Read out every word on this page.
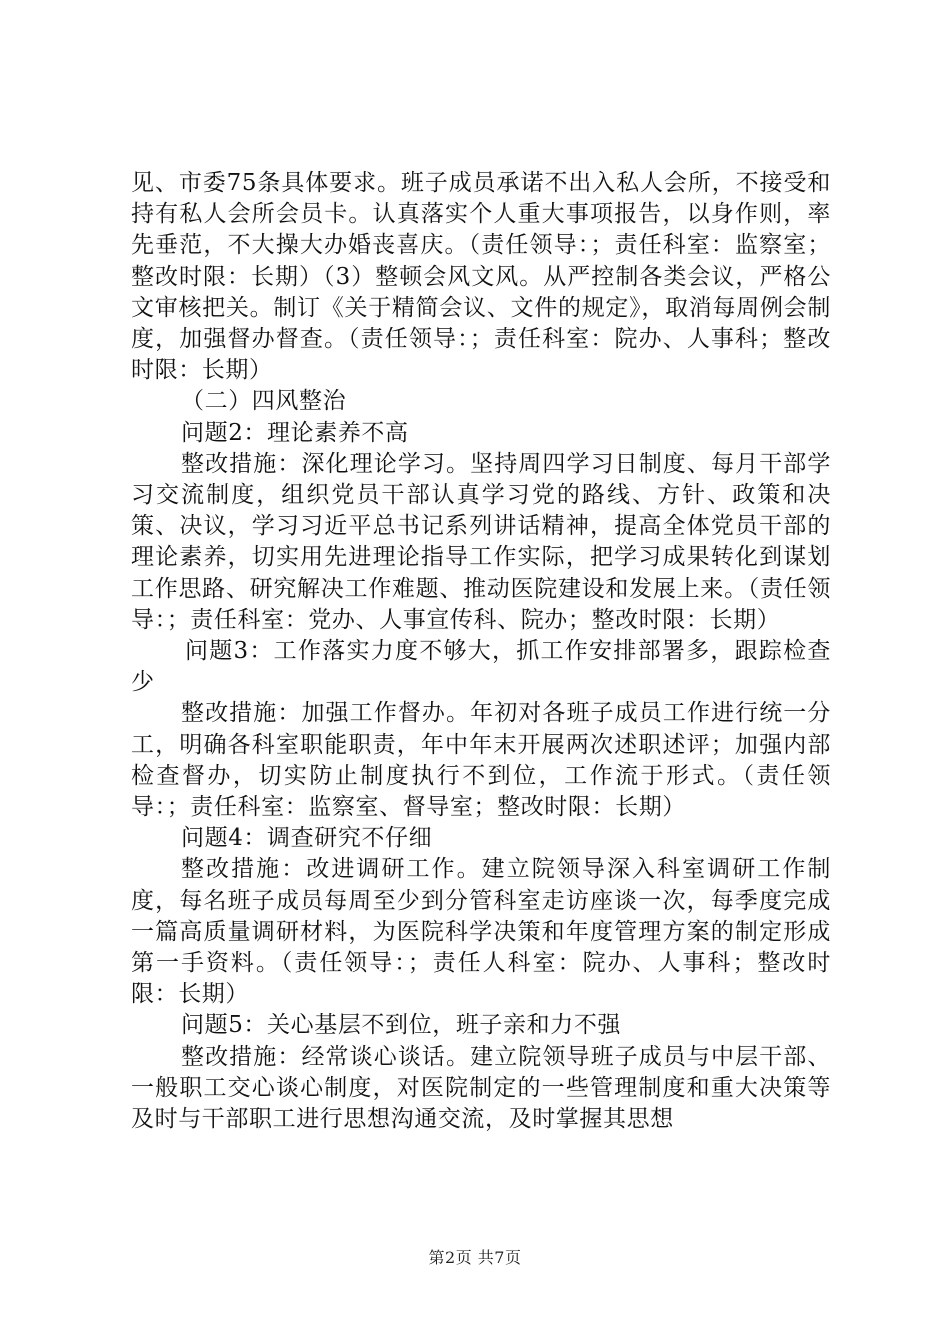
见、市委75条具体要求。班子成员承诺不出入私人会所，不接受和持有私人会所会员卡。认真落实个人重大事项报告，以身作则，率先垂范，不大操大办婚丧喜庆。（责任领导：；责任科室：监察室；整改时限：长期）（3）整顿会风文风。从严控制各类会议，严格公文审核把关。制订《关于精简会议、文件的规定》，取消每周例会制度，加强督办督查。（责任领导：；责任科室：院办、人事科；整改时限：长期）

（二）四风整治

问题2：理论素养不高

整改措施：深化理论学习。坚持周四学习日制度、每月干部学习交流制度，组织党员干部认真学习党的路线、方针、政策和决策、决议，学习习近平总书记系列讲话精神，提高全体党员干部的理论素养，切实用先进理论指导工作实际，把学习成果转化到谋划工作思路、研究解决工作难题、推动医院建设和发展上来。（责任领导：；责任科室：党办、人事宣传科、院办；整改时限：长期）

问题3：工作落实力度不够大，抓工作安排部署多，跟踪检查少

整改措施：加强工作督办。年初对各班子成员工作进行统一分工，明确各科室职能职责，年中年末开展两次述职述评；加强内部检查督办，切实防止制度执行不到位，工作流于形式。（责任领导：；责任科室：监察室、督导室；整改时限：长期）

问题4：调查研究不仔细

整改措施：改进调研工作。建立院领导深入科室调研工作制度，每名班子成员每周至少到分管科室走访座谈一次，每季度完成一篇高质量调研材料，为医院科学决策和年度管理方案的制定形成第一手资料。（责任领导：；责任人科室：院办、人事科；整改时限：长期）

问题5：关心基层不到位，班子亲和力不强

整改措施：经常谈心谈话。建立院领导班子成员与中层干部、一般职工交心谈心制度，对医院制定的一些管理制度和重大决策等及时与干部职工进行思想沟通交流，及时掌握其思想

第2页 共7页
